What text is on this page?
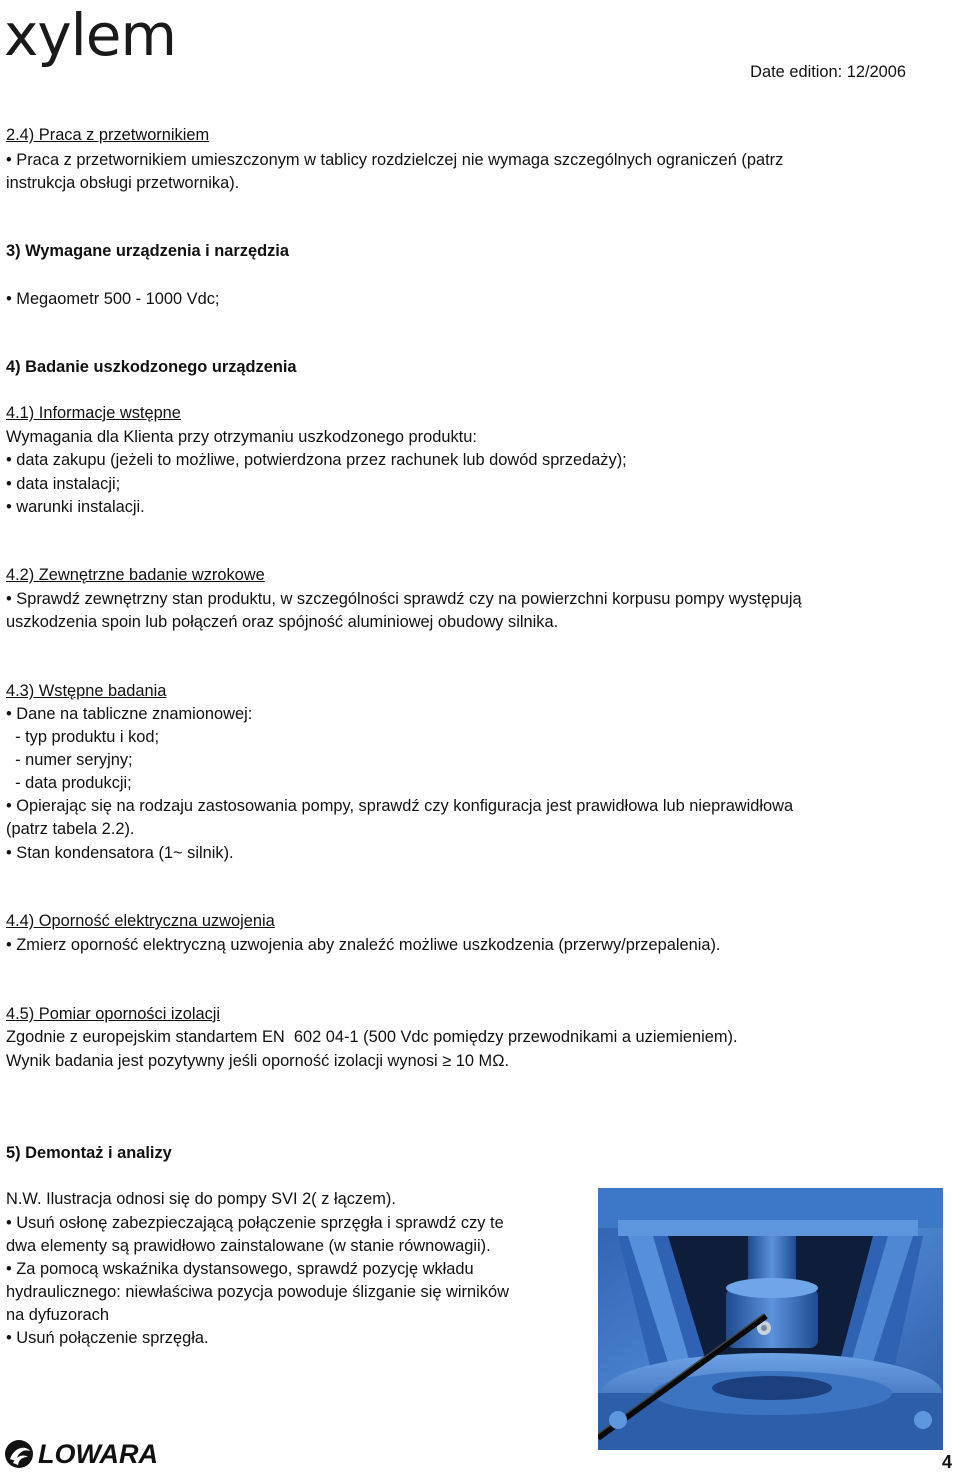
xylem
Date edition: 12/2006
2.4) Praca z przetwornikiem
• Praca z przetwornikiem umieszczonym w tablicy rozdzielczej nie wymaga szczególnych ograniczeń (patrz
instrukcja obsługi przetwornika).
3) Wymagane urządzenia i narzędzia
• Megaometr 500 - 1000 Vdc;
4) Badanie uszkodzonego urządzenia
4.1) Informacje wstępne
Wymagania dla Klienta przy otrzymaniu uszkodzonego produktu:
• data zakupu (jeżeli to możliwe, potwierdzona przez rachunek lub dowód sprzedaży);
• data instalacji;
• warunki instalacji.
4.2) Zewnętrzne badanie wzrokowe
• Sprawdź zewnętrzny stan produktu, w szczególności sprawdź czy na powierzchni korpusu pompy występują
uszkodzenia spoin lub połączeń oraz spójność aluminiowej obudowy silnika.
4.3) Wstępne badania
• Dane na tabliczne znamionowej:
- typ produktu i kod;
- numer seryjny;
- data produkcji;
• Opierając się na rodzaju zastosowania pompy, sprawdź czy konfiguracja jest prawidłowa lub nieprawidłowa
(patrz tabela 2.2).
• Stan kondensatora (1~ silnik).
4.4) Oporność elektryczna uzwojenia
• Zmierz oporność elektryczną uzwojenia aby znaleźć możliwe uszkodzenia (przerwy/przepalenia).
4.5) Pomiar oporności izolacji
Zgodnie z europejskim standartem EN  602 04-1 (500 Vdc pomiędzy przewodnikami a uziemieniem).
Wynik badania jest pozytywny jeśli oporność izolacji wynosi ≥ 10 MΩ.
5) Demontaż i analizy
N.W. Ilustracja odnosi się do pompy SVI 2( z łączem).
• Usuń osłonę zabezpieczającą połączenie sprzęgła i sprawdź czy te
dwa elementy są prawidłowo zainstalowane (w stanie równowagii).
• Za pomocą wskaźnika dystansowego, sprawdź pozycję wkładu
hydraulicznego: niewłaściwa pozycja powoduje ślizganie się wirników
na dyfuzorach
• Usuń połączenie sprzęgła.
LOWARA	4
